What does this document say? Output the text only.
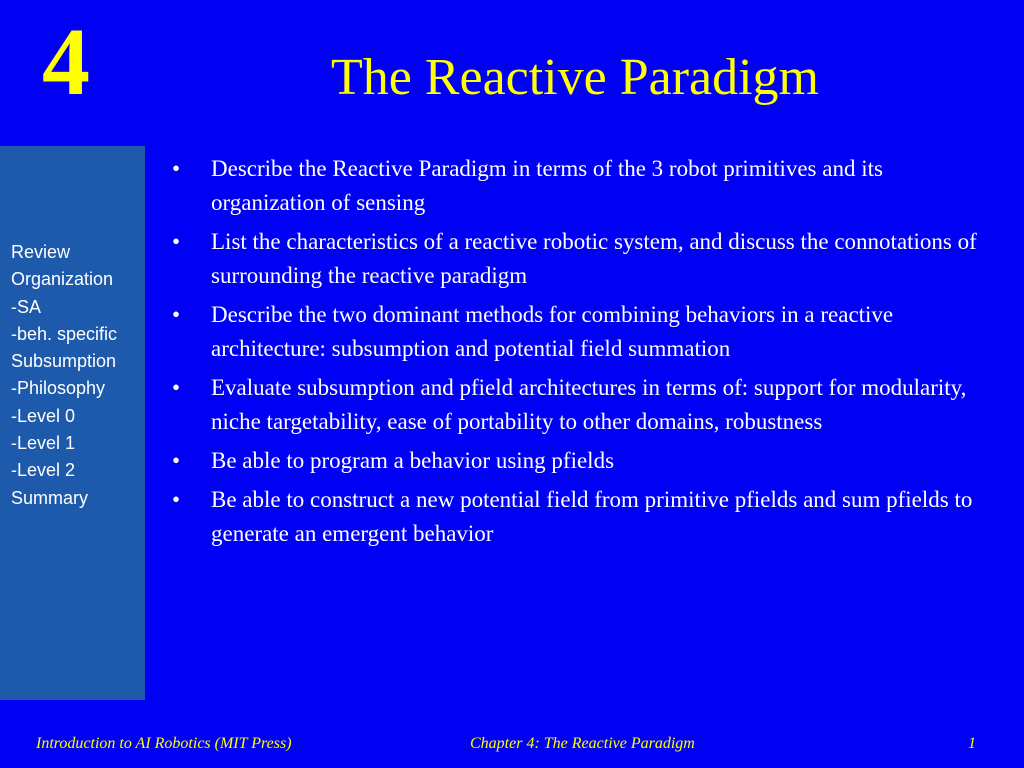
4	The Reactive Paradigm
Review
Organization
-SA
-beh. specific
Subsumption
-Philosophy
-Level 0
-Level 1
-Level 2
Summary
•	Describe the Reactive Paradigm in terms of the 3 robot primitives and its organization of sensing
•	List the characteristics of a reactive robotic system, and discuss the connotations of surrounding the reactive paradigm
•	Describe the two dominant methods for combining behaviors in a reactive architecture: subsumption and potential field summation
•	Evaluate subsumption and pfield architectures in terms of: support for modularity, niche targetability, ease of portability to other domains, robustness
•	Be able to program a behavior using pfields
•	Be able to construct a new potential field from primitive pfields and sum pfields to generate an emergent behavior
Introduction to AI Robotics (MIT Press)	Chapter 4: The Reactive Paradigm	1
